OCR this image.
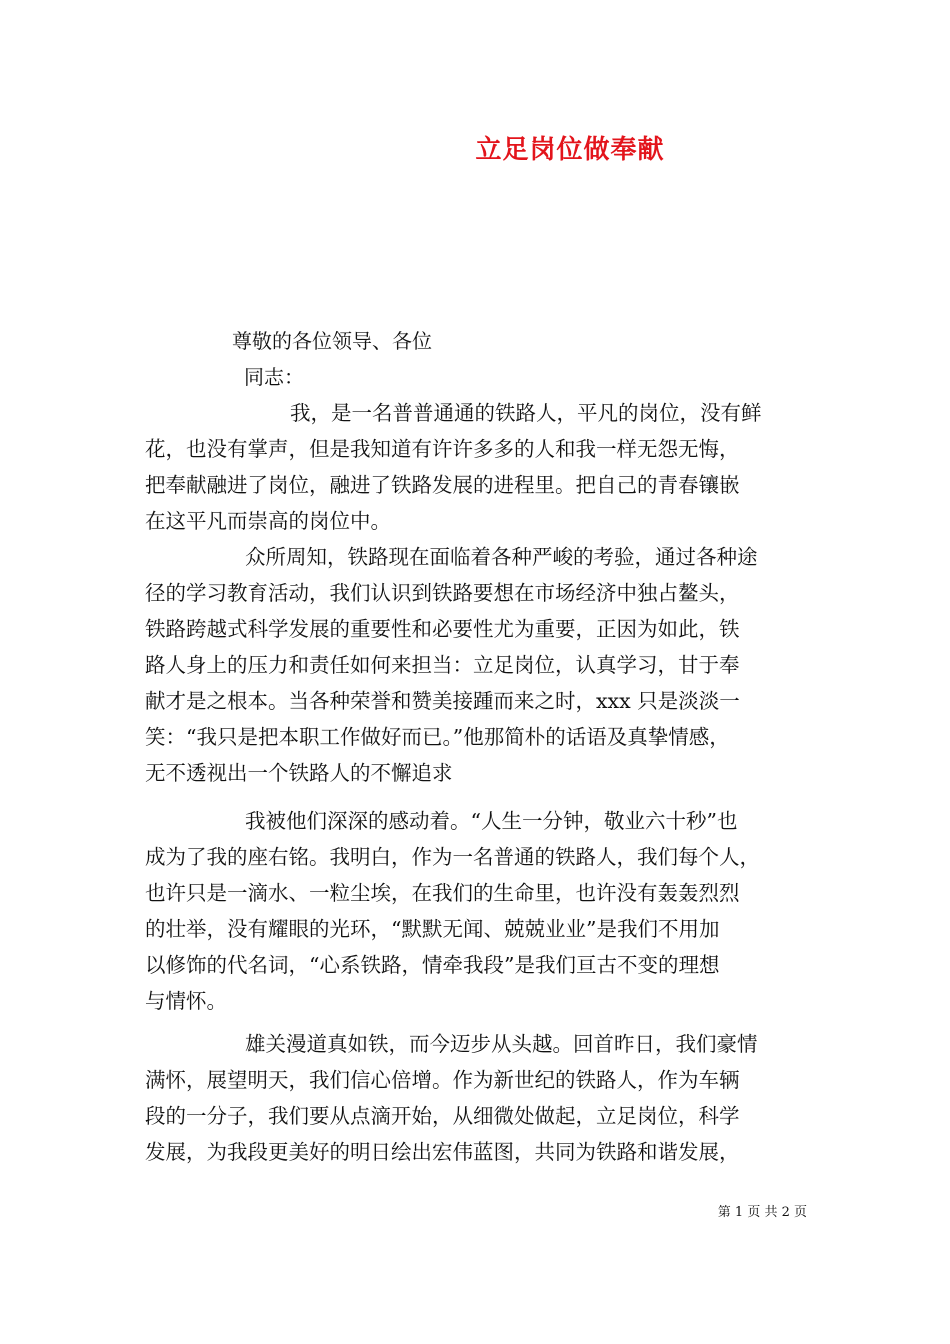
立足岗位做奉献
尊敬的各位领导、各位
同志：
我，是一名普普通通的铁路人，平凡的岗位，没有鲜
花，也没有掌声，但是我知道有许许多多的人和我一样无怨无悔，
把奉献融进了岗位，融进了铁路发展的进程里。把自己的青春镶嵌
在这平凡而崇高的岗位中。
众所周知，铁路现在面临着各种严峻的考验，通过各种途
径的学习教育活动，我们认识到铁路要想在市场经济中独占鳌头，
铁路跨越式科学发展的重要性和必要性尤为重要，正因为如此，铁
路人身上的压力和责任如何来担当：立足岗位，认真学习，甘于奉
献才是之根本。当各种荣誉和赞美接踵而来之时，xxx 只是淡淡一
笑：“我只是把本职工作做好而已。”他那简朴的话语及真挚情感，
无不透视出一个铁路人的不懈追求
我被他们深深的感动着。“人生一分钟，敬业六十秒”也
成为了我的座右铭。我明白，作为一名普通的铁路人，我们每个人，
也许只是一滴水、一粒尘埃，在我们的生命里，也许没有轰轰烈烈
的壮举，没有耀眼的光环，“默默无闻、兢兢业业”是我们不用加
以修饰的代名词，“心系铁路，情牵我段”是我们亘古不变的理想
与情怀。
雄关漫道真如铁，而今迈步从头越。回首昨日，我们豪情
满怀，展望明天，我们信心倍增。作为新世纪的铁路人，作为车辆
段的一分子，我们要从点滴开始，从细微处做起，立足岗位，科学
发展，为我段更美好的明日绘出宏伟蓝图，共同为铁路和谐发展，
第 1 页 共 2 页
